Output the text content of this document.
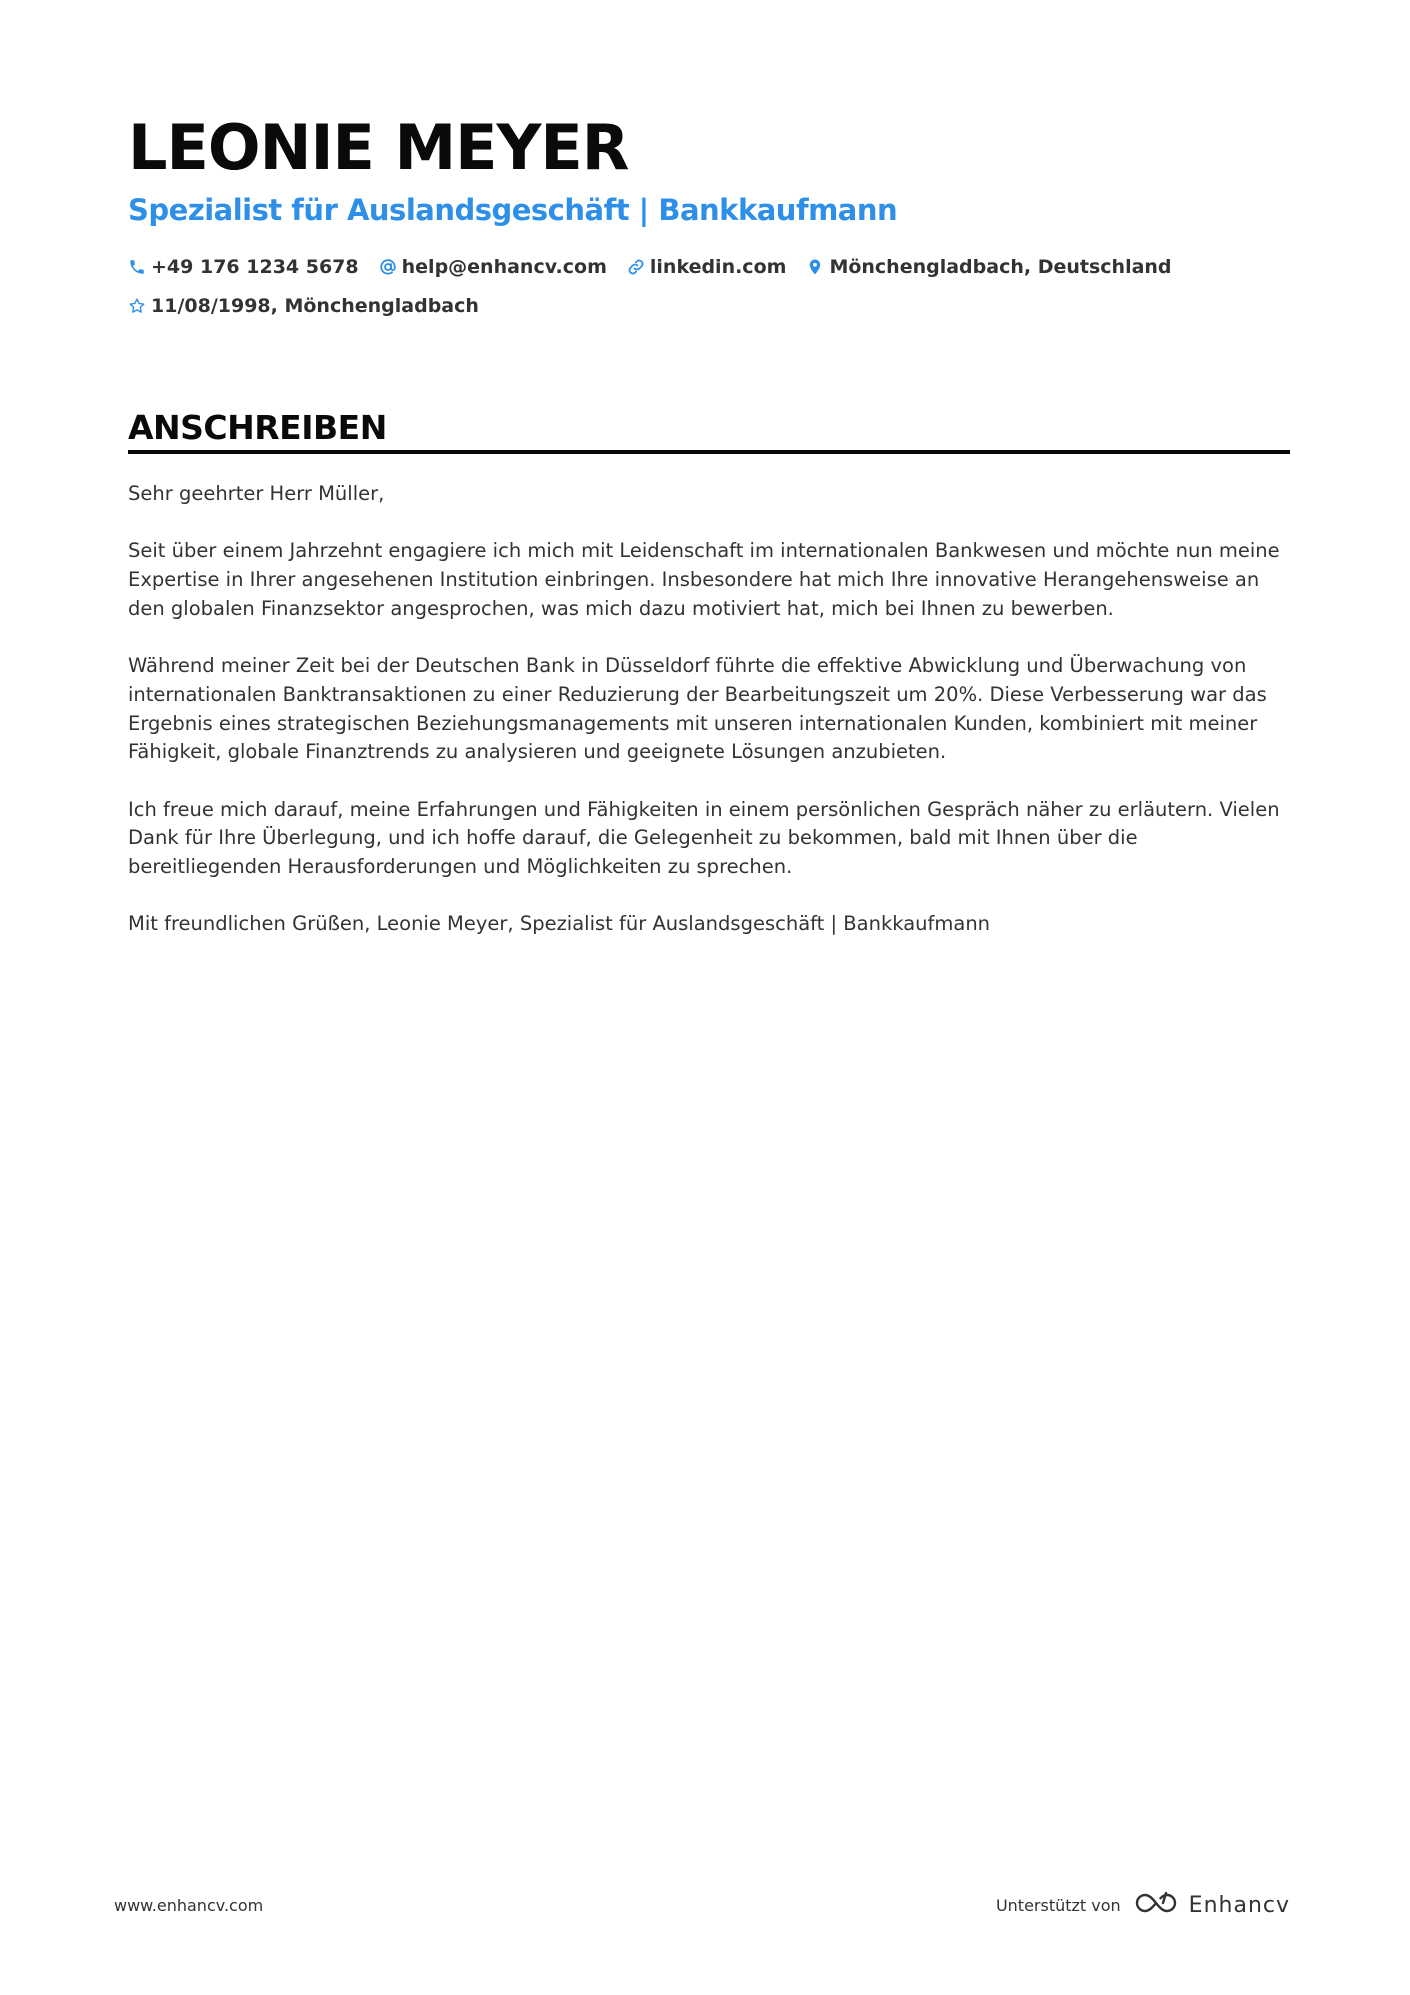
LEONIE MEYER
Spezialist für Auslandsgeschäft | Bankkaufmann
+49 176 1234 5678 help@enhancv.com linkedin.com Mönchengladbach, Deutschland
11/08/1998, Mönchengladbach
ANSCHREIBEN

Sehr geehrter Herr Müller,

Seit über einem Jahrzehnt engagiere ich mich mit Leidenschaft im internationalen Bankwesen und möchte nun meine Expertise in Ihrer angesehenen Institution einbringen. Insbesondere hat mich Ihre innovative Herangehensweise an den globalen Finanzsektor angesprochen, was mich dazu motiviert hat, mich bei Ihnen zu bewerben.

Während meiner Zeit bei der Deutschen Bank in Düsseldorf führte die effektive Abwicklung und Überwachung von internationalen Banktransaktionen zu einer Reduzierung der Bearbeitungszeit um 20%. Diese Verbesserung war das Ergebnis eines strategischen Beziehungsmanagements mit unseren internationalen Kunden, kombiniert mit meiner Fähigkeit, globale Finanztrends zu analysieren und geeignete Lösungen anzubieten.

Ich freue mich darauf, meine Erfahrungen und Fähigkeiten in einem persönlichen Gespräch näher zu erläutern. Vielen Dank für Ihre Überlegung, und ich hoffe darauf, die Gelegenheit zu bekommen, bald mit Ihnen über die bereitliegenden Herausforderungen und Möglichkeiten zu sprechen.

Mit freundlichen Grüßen, Leonie Meyer, Spezialist für Auslandsgeschäft | Bankkaufmann

www.enhancv.com	Unterstützt von	Enhancv
